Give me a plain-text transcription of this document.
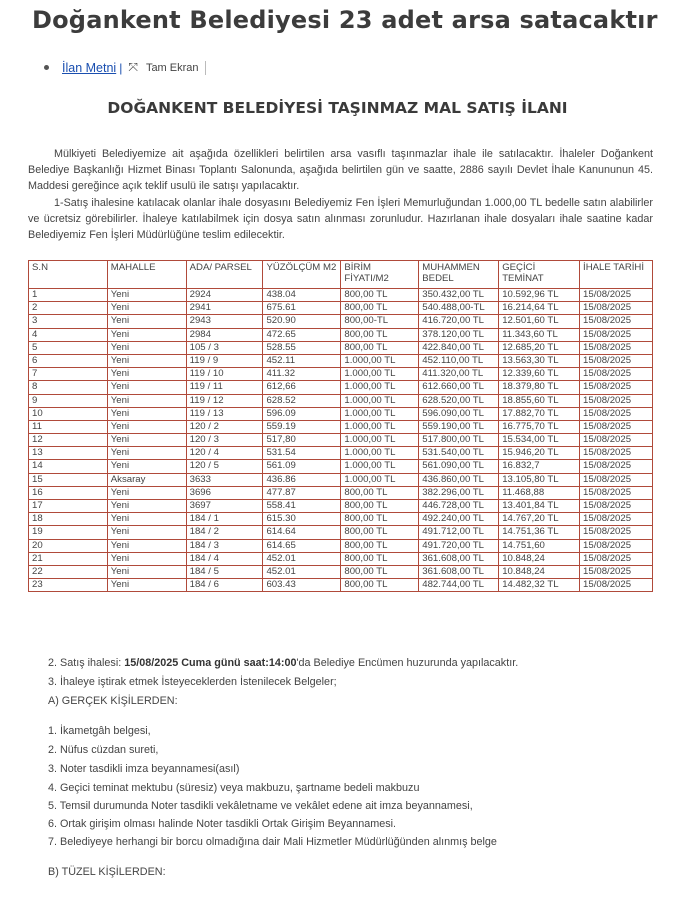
Doğankent Belediyesi 23 adet arsa satacaktır
İlan Metni | ⤧ Tam Ekran
DOĞANKENT BELEDİYESİ TAŞINMAZ MAL SATIŞ İLANI
Mülkiyeti Belediyemize ait aşağıda özellikleri belirtilen arsa vasıflı taşınmazlar ihale ile satılacaktır. İhaleler Doğankent Belediye Başkanlığı Hizmet Binası Toplantı Salonunda, aşağıda belirtilen gün ve saatte, 2886 sayılı Devlet İhale Kanununun 45. Maddesi gereğince açık teklif usulü ile satışı yapılacaktır.
1-Satış ihalesine katılacak olanlar ihale dosyasını Belediyemiz Fen İşleri Memurluğundan 1.000,00 TL bedelle satın alabilirler ve ücretsiz görebilirler. İhaleye katılabilmek için dosya satın alınması zorunludur. Hazırlanan ihale dosyaları ihale saatine kadar Belediyemiz Fen İşleri Müdürlüğüne teslim edilecektir.
S.N	MAHALLE	ADA/ PARSEL	YÜZÖLÇÜM M2	BİRİM FİYATI/M2	MUHAMMEN BEDEL	GEÇİCİ TEMİNAT	İHALE TARİHİ
1	Yeni	2924	438.04	800,00 TL	350.432,00 TL	10.592,96 TL	15/08/2025
2	Yeni	2941	675.61	800,00 TL	540.488,00-TL	16.214,64 TL	15/08/2025
3	Yeni	2943	520.90	800,00-TL	416.720,00 TL	12.501,60 TL	15/08/2025
4	Yeni	2984	472.65	800,00 TL	378.120,00 TL	11.343,60 TL	15/08/2025
5	Yeni	105 / 3	528.55	800,00 TL	422.840,00 TL	12.685,20 TL	15/08/2025
6	Yeni	119 / 9	452.11	1.000,00 TL	452.110,00 TL	13.563,30 TL	15/08/2025
7	Yeni	119 / 10	411.32	1.000,00 TL	411.320,00 TL	12.339,60 TL	15/08/2025
8	Yeni	119 / 11	612,66	1.000,00 TL	612.660,00 TL	18.379,80 TL	15/08/2025
9	Yeni	119 / 12	628.52	1.000,00 TL	628.520,00 TL	18.855,60 TL	15/08/2025
10	Yeni	119 / 13	596.09	1.000,00 TL	596.090,00 TL	17.882,70 TL	15/08/2025
11	Yeni	120 / 2	559.19	1.000,00 TL	559.190,00 TL	16.775,70 TL	15/08/2025
12	Yeni	120 / 3	517,80	1.000,00 TL	517.800,00 TL	15.534,00 TL	15/08/2025
13	Yeni	120 / 4	531.54	1.000,00 TL	531.540,00 TL	15.946,20 TL	15/08/2025
14	Yeni	120 / 5	561.09	1.000,00 TL	561.090,00 TL	16.832,7	15/08/2025
15	Aksaray	3633	436.86	1.000,00 TL	436.860,00 TL	13.105,80 TL	15/08/2025
16	Yeni	3696	477.87	800,00 TL	382.296,00 TL	11.468,88	15/08/2025
17	Yeni	3697	558.41	800,00 TL	446.728,00 TL	13.401,84 TL	15/08/2025
18	Yeni	184 / 1	615.30	800,00 TL	492.240,00 TL	14.767,20 TL	15/08/2025
19	Yeni	184 / 2	614.64	800,00 TL	491.712,00 TL	14.751,36 TL	15/08/2025
20	Yeni	184 / 3	614.65	800,00 TL	491.720,00 TL	14.751,60	15/08/2025
21	Yeni	184 / 4	452.01	800,00 TL	361.608,00 TL	10.848,24	15/08/2025
22	Yeni	184 / 5	452.01	800,00 TL	361.608,00 TL	10.848,24	15/08/2025
23	Yeni	184 / 6	603.43	800,00 TL	482.744,00 TL	14.482,32 TL	15/08/2025
2. Satış ihalesi: 15/08/2025 Cuma günü saat:14:00'da Belediye Encümen huzurunda yapılacaktır.
3. İhaleye iştirak etmek İsteyeceklerden İstenilecek Belgeler;
A) GERÇEK KİŞİLERDEN:
1. İkametgâh belgesi,
2. Nüfus cüzdan sureti,
3. Noter tasdikli imza beyannamesi(asıl)
4. Geçici teminat mektubu (süresiz) veya makbuzu, şartname bedeli makbuzu
5. Temsil durumunda Noter tasdikli vekâletname ve vekâlet edene ait imza beyannamesi,
6. Ortak girişim olması halinde Noter tasdikli Ortak Girişim Beyannamesi.
7. Belediyeye herhangi bir borcu olmadığına dair Mali Hizmetler Müdürlüğünden alınmış belge
B) TÜZEL KİŞİLERDEN:
